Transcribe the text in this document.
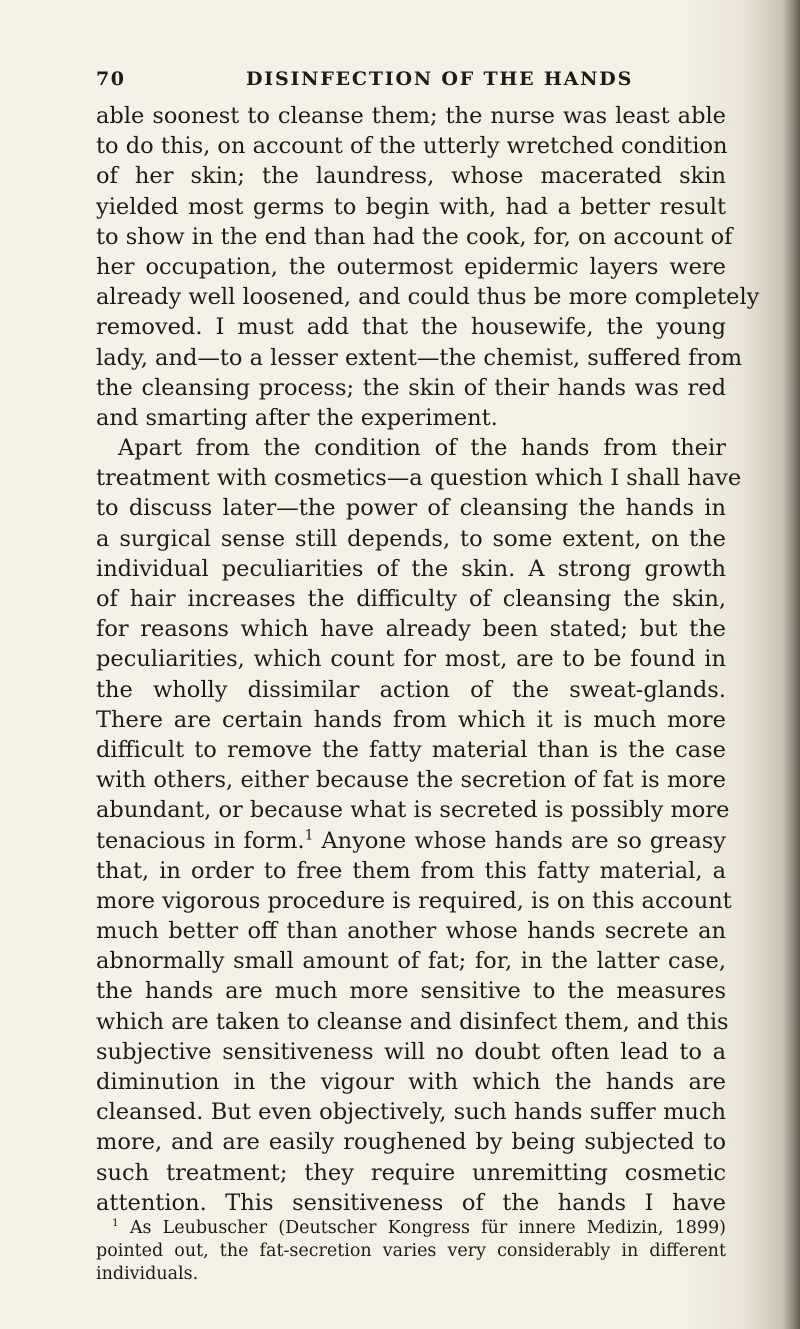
70	DISINFECTION OF THE HANDS
able soonest to cleanse them; the nurse was least able
to do this, on account of the utterly wretched condition
of her skin; the laundress, whose macerated skin
yielded most germs to begin with, had a better result
to show in the end than had the cook, for, on account of
her occupation, the outermost epidermic layers were
already well loosened, and could thus be more completely
removed. I must add that the housewife, the young
lady, and—to a lesser extent—the chemist, suffered from
the cleansing process; the skin of their hands was red
and smarting after the experiment.
Apart from the condition of the hands from their
treatment with cosmetics—a question which I shall have
to discuss later—the power of cleansing the hands in
a surgical sense still depends, to some extent, on the
individual peculiarities of the skin. A strong growth
of hair increases the difficulty of cleansing the skin,
for reasons which have already been stated; but the
peculiarities, which count for most, are to be found in
the wholly dissimilar action of the sweat-glands.
There are certain hands from which it is much more
difficult to remove the fatty material than is the case
with others, either because the secretion of fat is more
abundant, or because what is secreted is possibly more
tenacious in form.$^1$ Anyone whose hands are so greasy
that, in order to free them from this fatty material, a
more vigorous procedure is required, is on this account
much better off than another whose hands secrete an
abnormally small amount of fat; for, in the latter case,
the hands are much more sensitive to the measures
which are taken to cleanse and disinfect them, and this
subjective sensitiveness will no doubt often lead to a
diminution in the vigour with which the hands are
cleansed. But even objectively, such hands suffer much
more, and are easily roughened by being subjected to
such treatment; they require unremitting cosmetic
attention. This sensitiveness of the hands I have
$^1$ As Leubuscher (Deutscher Kongress für innere Medizin, 1899)
pointed out, the fat-secretion varies very considerably in different
individuals.
